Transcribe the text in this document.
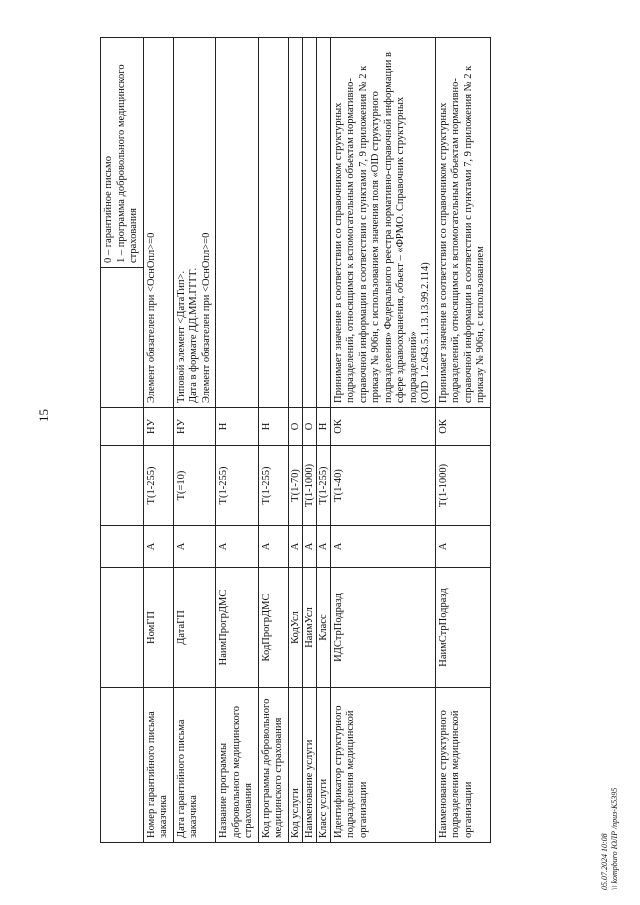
15
						0 – гарантийное письмо
1 – программа добровольного медицинского страхования
Номер гарантийного письма заказчика	НомГП	А	Т(1-255)	НУ	Элемент обязателен при <ОснОпл>=0	
Дата гарантийного письма заказчика	ДатаГП	А	Т(=10)	НУ	Типовой элемент <ДатаТип>.
Дата в формате ДД.ММ.ГГГГ.
Элемент обязателен при <ОснОпл>=0	
Название программы добровольного медицинского страхования	НаимПрогрДМС	А	Т(1-255)	Н		
Код программы добровольного медицинского страхования	КодПрогрДМС	А	Т(1-255)	Н		
Код услуги	КодУсл	А	Т(1-70)	О		
Наименование услуги	НаимУсл	А	Т(1-1000)	О		
Класс услуги	Класс	А	Т(1-255)	Н		
Идентификатор структурного подразделения медицинской организации	ИДСтрПодразд	А	Т(1-40)	ОК	Принимает значение в соответствии со справочником структурных подразделений, относящимся к вспомогательным объектам нормативно-справочной информации в соответствии с пунктами 7, 9 приложения № 2 к приказу № 906н, с использованием значения поля «OID структурного подразделения» Федерального реестра нормативно-справочной информации в сфере здравоохранения, объект – «ФРМО. Справочник структурных подразделений»
(OID 1.2.643.5.1.13.13.99.2.114)	
Наименование структурного подразделения медицинской организации	НаимСтрПодразд	А	Т(1-1000)	ОК	Принимает значение в соответствии со справочником структурных подразделений, относящимся к вспомогательным объектам нормативно-справочной информации в соответствии с пунктами 7, 9 приложения № 2 к приказу № 906н, с использованием	
05.07.2024 10:08 \\ kompburo ЮЛР /приз-К5395
